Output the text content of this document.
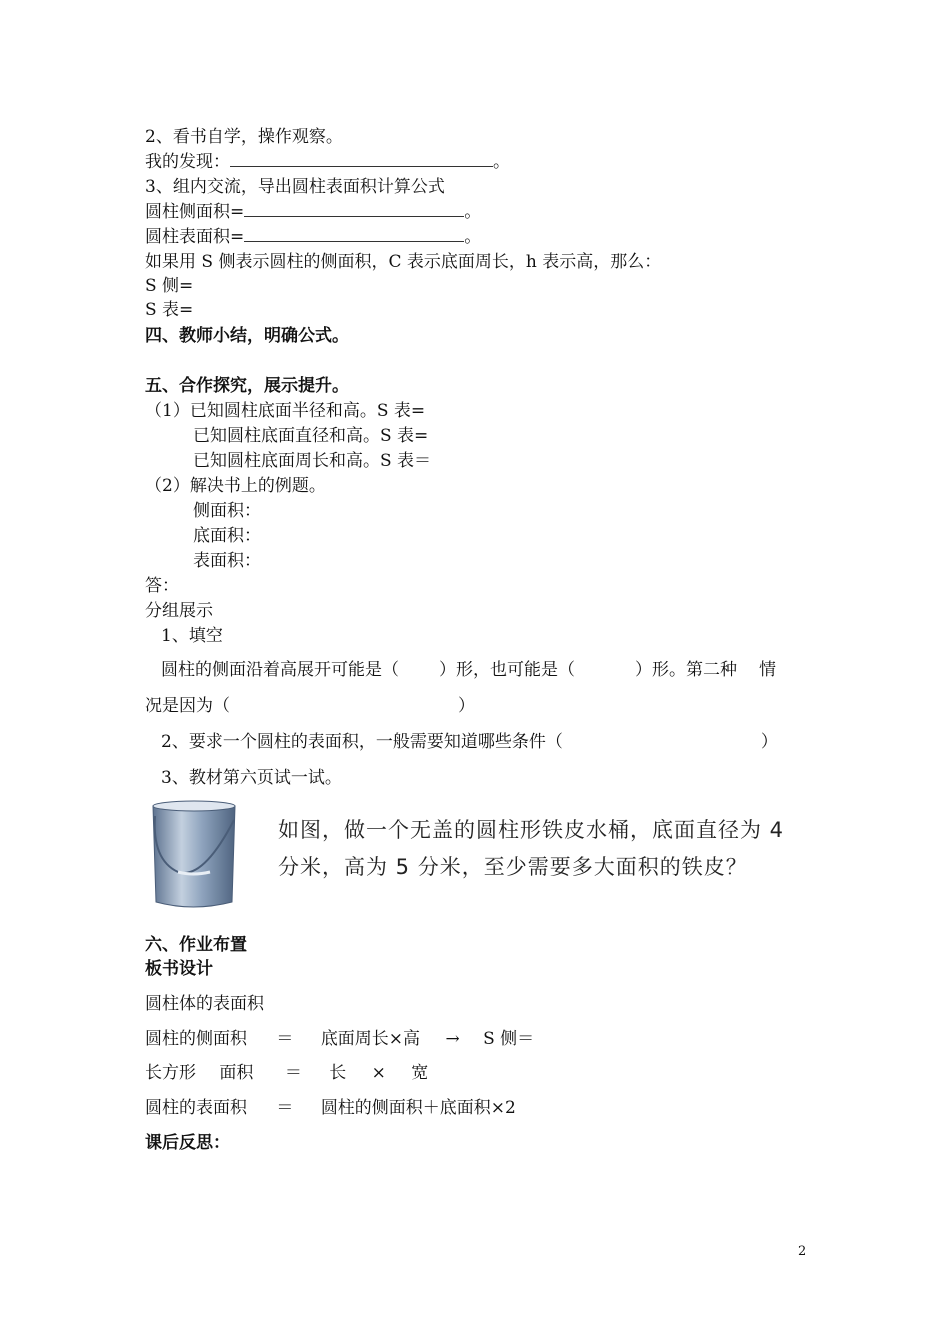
2、看书自学，操作观察。
我的发现：	。
3、组内交流，导出圆柱表面积计算公式
圆柱侧面积=	。
圆柱表面积=	。
如果用 S 侧表示圆柱的侧面积，C 表示底面周长，h 表示高，那么：
S 侧=
S 表=
四、教师小结，明确公式。
五、合作探究，展示提升。
（1）已知圆柱底面半径和高。S 表=
已知圆柱底面直径和高。S 表=
已知圆柱底面周长和高。S 表＝
（2）解决书上的例题。
侧面积：
底面积：
表面积：
答：
分组展示
1、填空
圆柱的侧面沿着高展开可能是（ ）形，也可能是（	）形。第二种 情
况是因为（	）
2、要求一个圆柱的表面积，一般需要知道哪些条件（	）
3、教材第六页试一试。
如图，做一个无盖的圆柱形铁皮水桶，底面直径为 4 分米，高为 5 分米，至少需要多大面积的铁皮？
六、作业布置
板书设计
圆柱体的表面积
圆柱的侧面积 ＝ 底面周长×高 → S 侧＝
长方形 面积 ＝ 长 × 宽
圆柱的表面积 ＝ 圆柱的侧面积＋底面积×2
课后反思：
2
